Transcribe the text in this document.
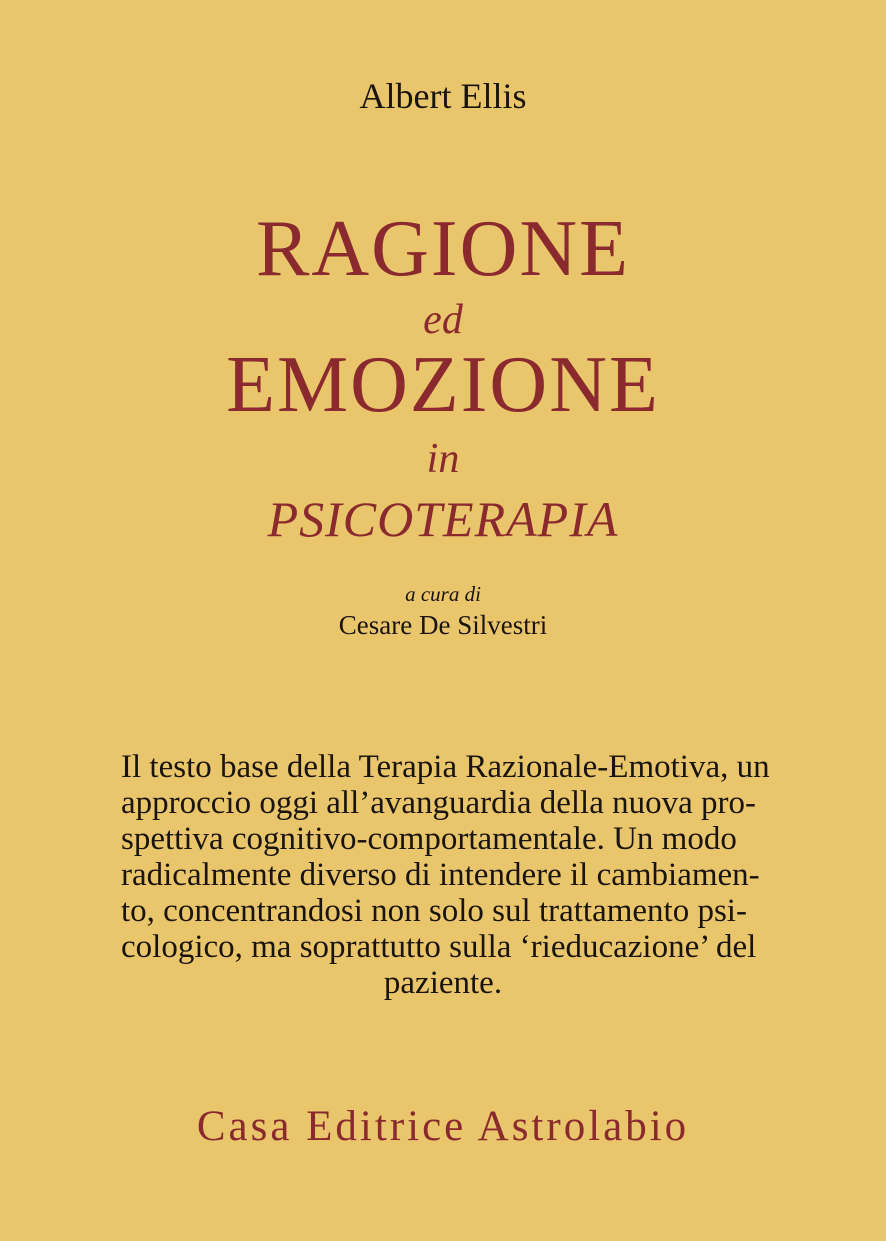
Albert Ellis
RAGIONE
ed
EMOZIONE
in
PSICOTERAPIA
a cura di
Cesare De Silvestri
Il testo base della Terapia Razionale-Emotiva, un
approccio oggi all’avanguardia della nuova pro-
spettiva cognitivo-comportamentale. Un modo
radicalmente diverso di intendere il cambiamen-
to, concentrandosi non solo sul trattamento psi-
cologico, ma soprattutto sulla ‘rieducazione’ del
paziente.
Casa Editrice Astrolabio
